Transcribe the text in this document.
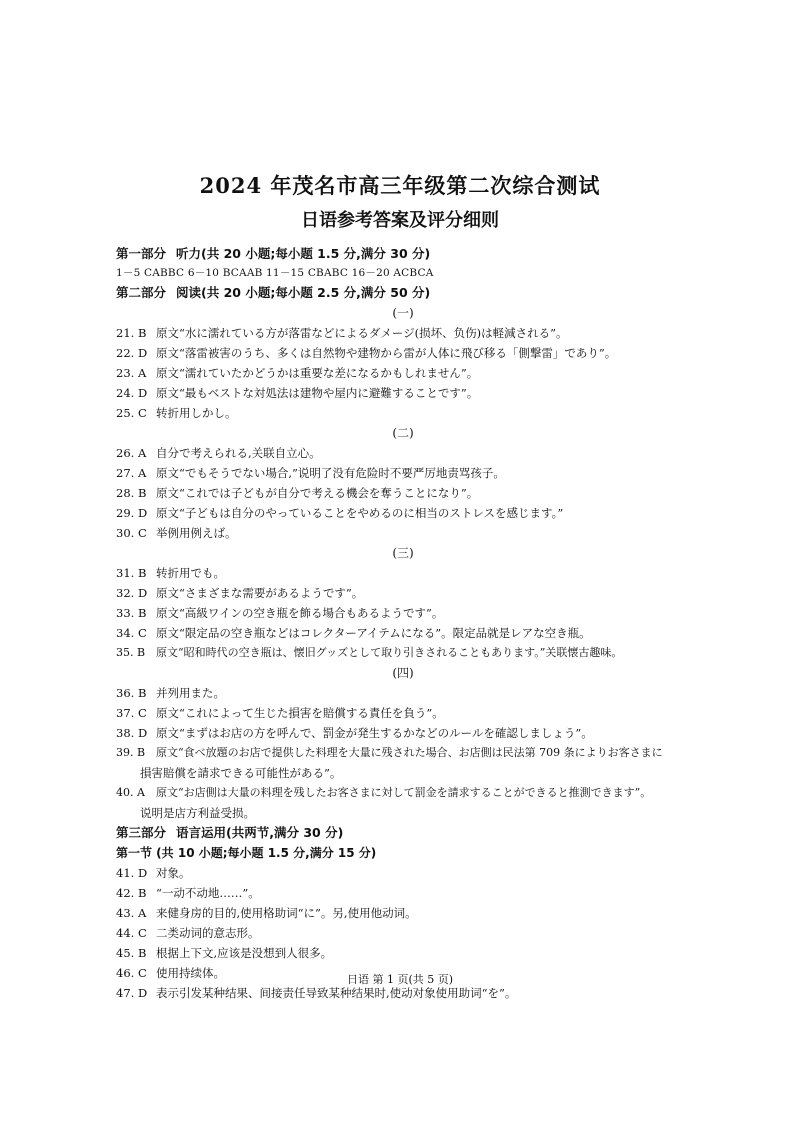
2024 年茂名市高三年级第二次综合测试
日语参考答案及评分细则
第一部分 听力(共 20 小题;每小题 1.5 分,满分 30 分)
1－5 CABBC 6－10 BCAAB 11－15 CBABC 16－20 ACBCA
第二部分 阅读(共 20 小题;每小题 2.5 分,满分 50 分)
(一)
21. B 原文“水に濡れている方が落雷などによるダメージ(损坏、负伤)は軽減される”。
22. D 原文“落雷被害のうち、多くは自然物や建物から雷が人体に飛び移る「側撃雷」であり”。
23. A 原文“濡れていたかどうかは重要な差になるかもしれません”。
24. D 原文“最もベストな対処法は建物や屋内に避難することです”。
25. C 转折用しかし。
(二)
26. A 自分で考えられる,关联自立心。
27. A 原文“でもそうでない場合,”说明了没有危险时不要严厉地责骂孩子。
28. B 原文“これでは子どもが自分で考える機会を奪うことになり”。
29. D 原文“子どもは自分のやっていることをやめるのに相当のストレスを感じます。”
30. C 举例用例えば。
(三)
31. B 转折用でも。
32. D 原文“さまざまな需要があるようです”。
33. B 原文“高級ワインの空き瓶を飾る場合もあるようです”。
34. C 原文“限定品の空き瓶などはコレクターアイテムになる”。限定品就是レアな空き瓶。
35. B 原文“昭和時代の空き瓶は、懐旧グッズとして取り引きされることもあります。”关联懐古趣味。
(四)
36. B 并列用また。
37. C 原文“これによって生じた損害を賠償する責任を負う”。
38. D 原文“まずはお店の方を呼んで、罰金が発生するかなどのルールを確認しましょう”。
39. B 原文“食べ放題のお店で提供した料理を大量に残された場合、お店側は民法第 709 条によりお客さまに
損害賠償を請求できる可能性がある”。
40. A 原文“お店側は大量の料理を残したお客さまに対して罰金を請求することができると推測できます”。
说明是店方利益受损。
第三部分 语言运用(共两节,满分 30 分)
第一节 (共 10 小题;每小题 1.5 分,满分 15 分)
41. D 对象。
42. B “一动不动地……”。
43. A 来健身房的目的,使用格助词“に”。另,使用他动词。
44. C 二类动词的意志形。
45. B 根据上下文,应该是没想到人很多。
46. C 使用持续体。
47. D 表示引发某种结果、间接责任导致某种结果时,使动对象使用助词“を”。
日语 第 1 页(共 5 页)
